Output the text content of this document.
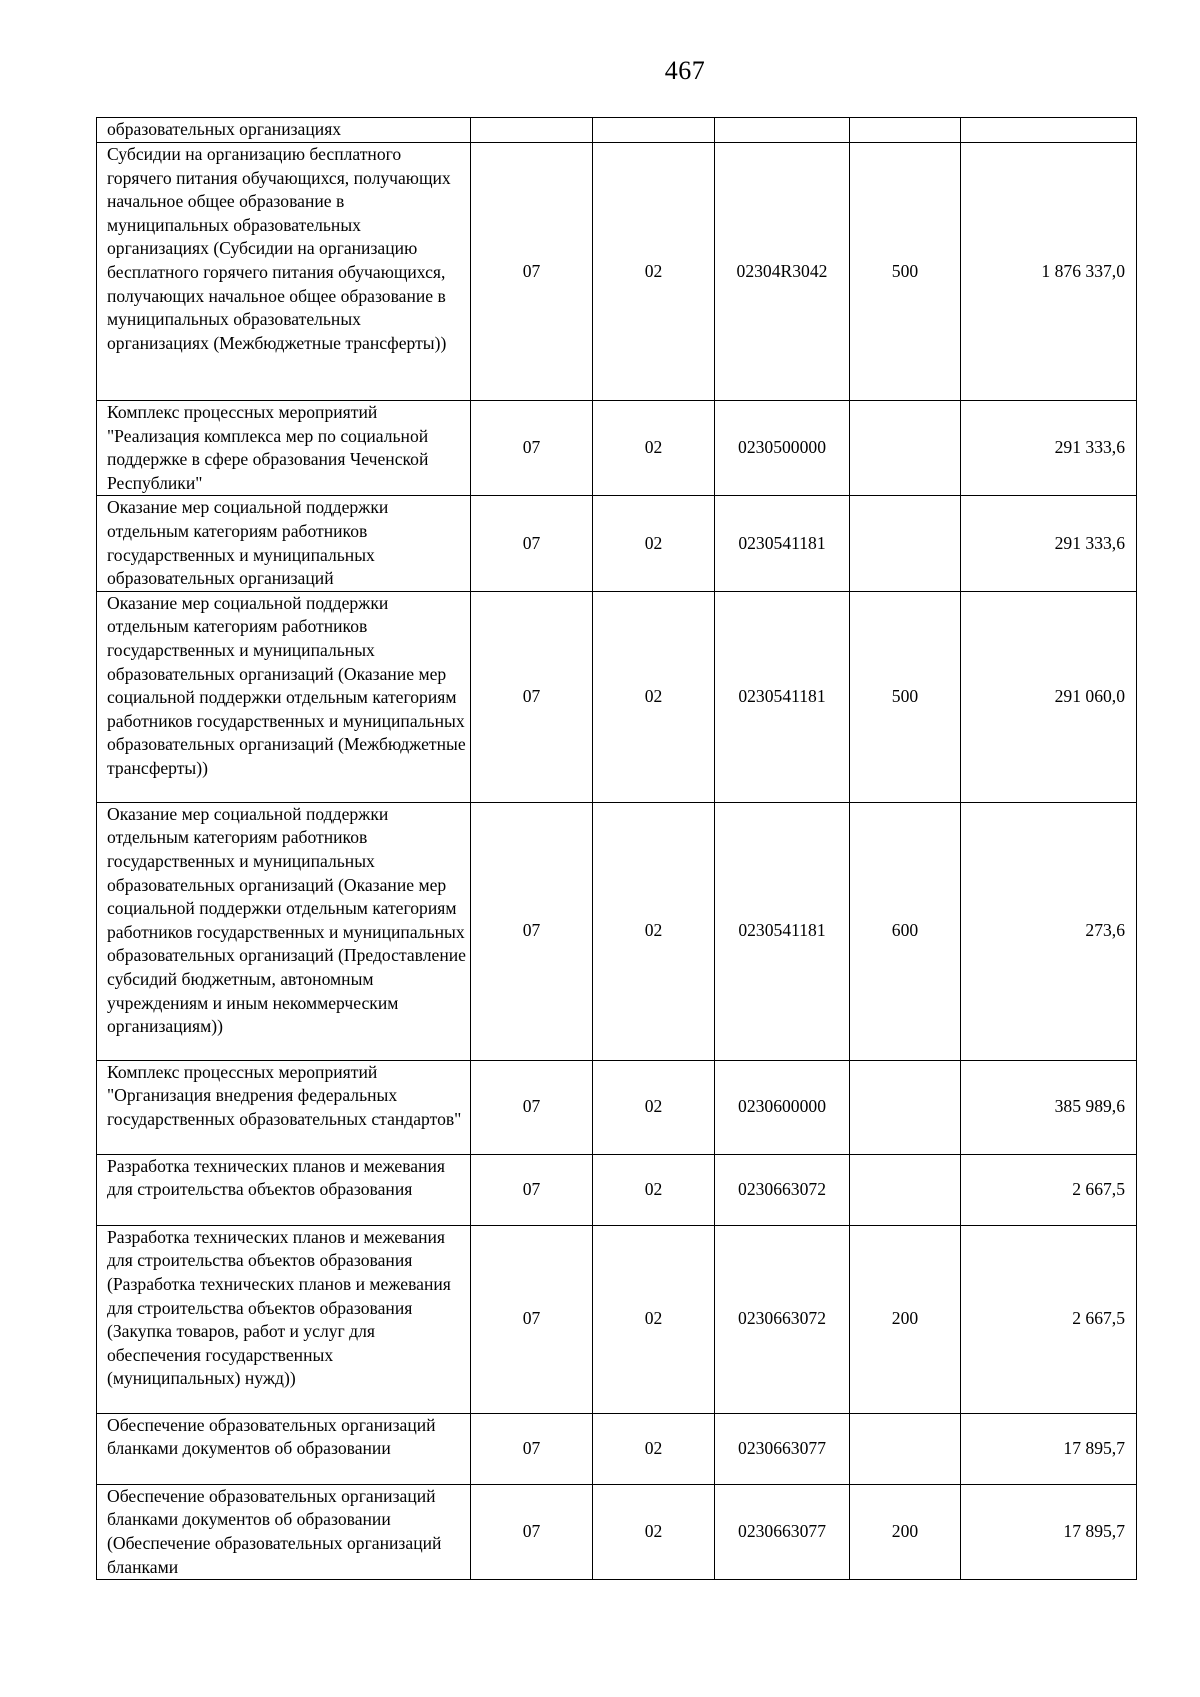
467
образовательных организациях					
Субсидии на организацию бесплатного горячего питания обучающихся, получающих начальное общее образование в муниципальных образовательных организациях (Субсидии на организацию бесплатного горячего питания обучающихся, получающих начальное общее образование в муниципальных образовательных организациях (Межбюджетные трансферты))	07	02	02304R3042	500	1 876 337,0
Комплекс процессных мероприятий "Реализация комплекса мер по социальной поддержке в сфере образования Чеченской Республики"	07	02	0230500000		291 333,6
Оказание мер социальной поддержки отдельным категориям работников государственных и муниципальных образовательных организаций	07	02	0230541181		291 333,6
Оказание мер социальной поддержки отдельным категориям работников государственных и муниципальных образовательных организаций (Оказание мер социальной поддержки отдельным категориям работников государственных и муниципальных образовательных организаций (Межбюджетные трансферты))	07	02	0230541181	500	291 060,0
Оказание мер социальной поддержки отдельным категориям работников государственных и муниципальных образовательных организаций (Оказание мер социальной поддержки отдельным категориям работников государственных и муниципальных образовательных организаций (Предоставление субсидий бюджетным, автономным учреждениям и иным некоммерческим организациям))	07	02	0230541181	600	273,6
Комплекс процессных мероприятий "Организация внедрения федеральных государственных образовательных стандартов"	07	02	0230600000		385 989,6
Разработка технических планов и межевания для строительства объектов образования	07	02	0230663072		2 667,5
Разработка технических планов и межевания для строительства объектов образования (Разработка технических планов и межевания для строительства объектов образования (Закупка товаров, работ и услуг для обеспечения государственных (муниципальных) нужд))	07	02	0230663072	200	2 667,5
Обеспечение образовательных организаций бланками документов об образовании	07	02	0230663077		17 895,7
Обеспечение образовательных организаций бланками документов об образовании (Обеспечение образовательных организаций бланками	07	02	0230663077	200	17 895,7
